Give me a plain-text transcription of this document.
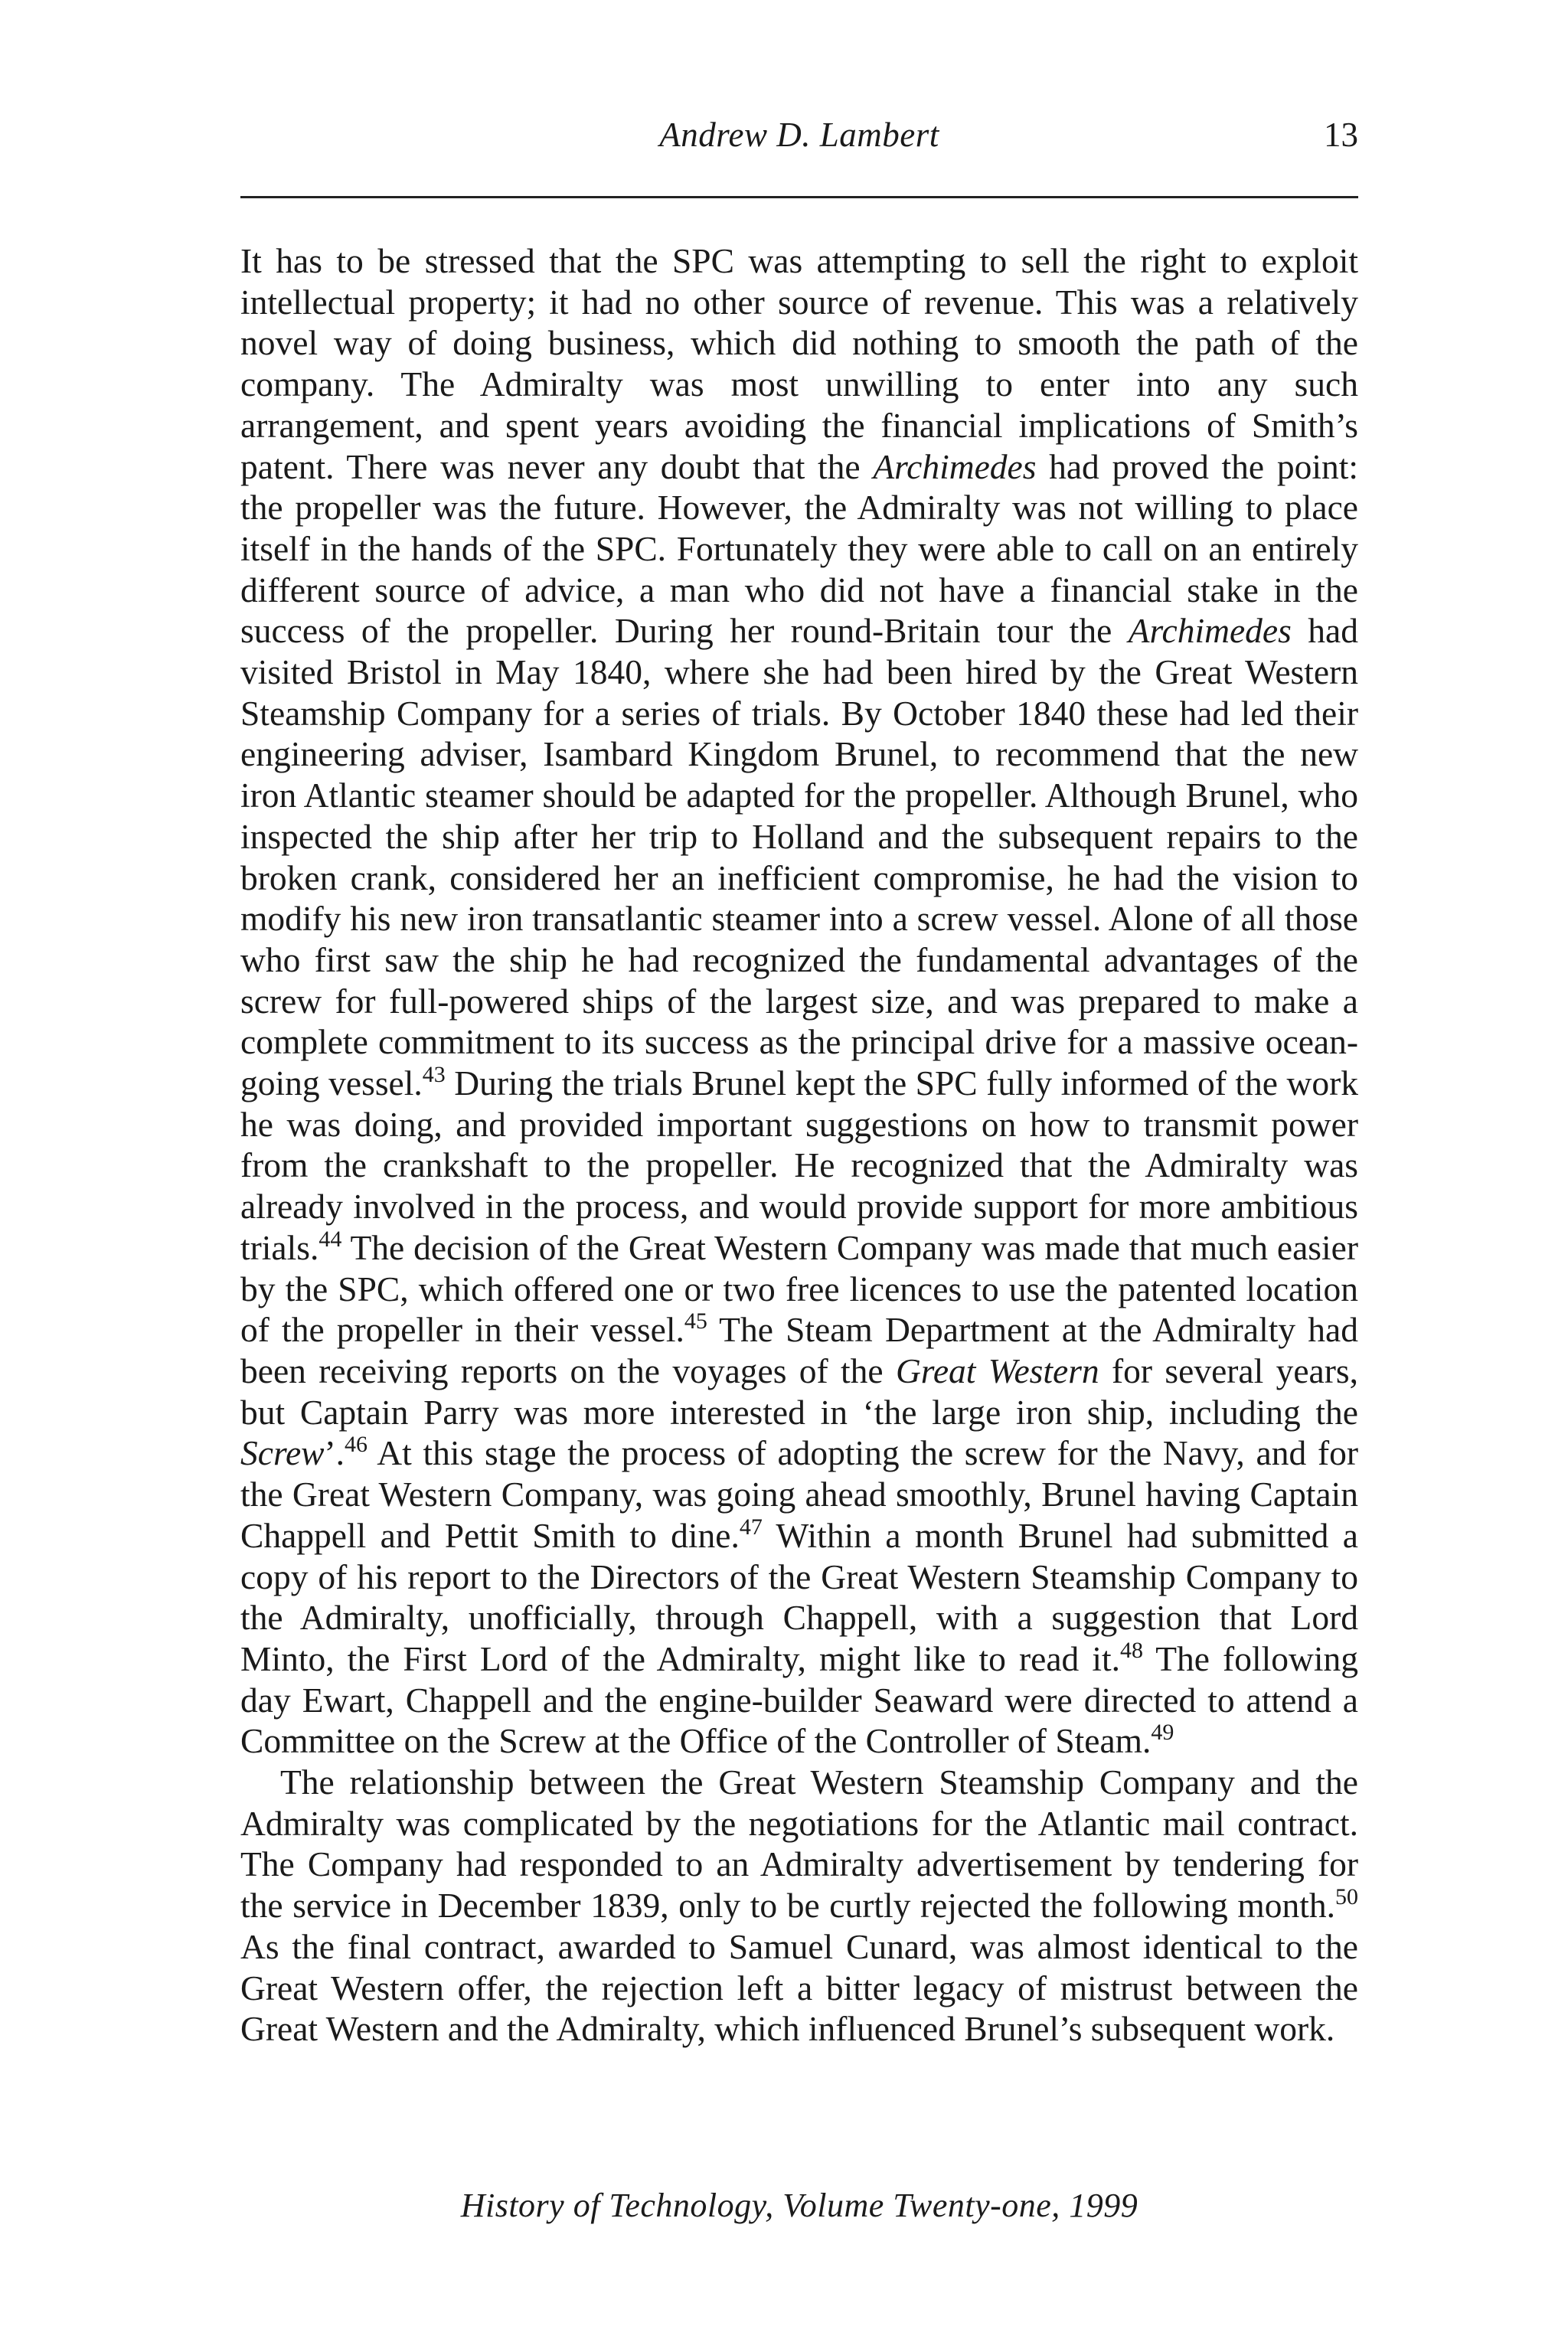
Andrew D. Lambert	13

It has to be stressed that the SPC was attempting to sell the right to exploit intellectual property; it had no other source of revenue. This was a relatively novel way of doing business, which did nothing to smooth the path of the company. The Admiralty was most unwilling to enter into any such arrangement, and spent years avoiding the financial implications of Smith’s patent. There was never any doubt that the Archimedes had proved the point: the propeller was the future. However, the Admiralty was not willing to place itself in the hands of the SPC. Fortunately they were able to call on an entirely different source of advice, a man who did not have a financial stake in the success of the propeller. During her round-Britain tour the Archimedes had visited Bristol in May 1840, where she had been hired by the Great Western Steamship Company for a series of trials. By October 1840 these had led their engineering adviser, Isambard Kingdom Brunel, to recommend that the new iron Atlantic steamer should be adapted for the propeller. Although Brunel, who inspected the ship after her trip to Holland and the subsequent repairs to the broken crank, considered her an inefficient compromise, he had the vision to modify his new iron transatlantic steamer into a screw vessel. Alone of all those who first saw the ship he had recognized the fundamental advantages of the screw for full-powered ships of the largest size, and was prepared to make a complete commitment to its success as the principal drive for a massive ocean-going vessel.$^{43}$ During the trials Brunel kept the SPC fully informed of the work he was doing, and provided important suggestions on how to transmit power from the crankshaft to the propeller. He recognized that the Admiralty was already involved in the process, and would provide support for more ambitious trials.$^{44}$ The decision of the Great Western Company was made that much easier by the SPC, which offered one or two free licences to use the patented location of the propeller in their vessel.$^{45}$ The Steam Department at the Admiralty had been receiving reports on the voyages of the Great Western for several years, but Captain Parry was more interested in ‘the large iron ship, including the Screw’.$^{46}$ At this stage the process of adopting the screw for the Navy, and for the Great Western Company, was going ahead smoothly, Brunel having Captain Chappell and Pettit Smith to dine.$^{47}$ Within a month Brunel had submitted a copy of his report to the Directors of the Great Western Steamship Company to the Admiralty, unofficially, through Chappell, with a suggestion that Lord Minto, the First Lord of the Admiralty, might like to read it.$^{48}$ The following day Ewart, Chappell and the engine-builder Seaward were directed to attend a Committee on the Screw at the Office of the Controller of Steam.$^{49}$

The relationship between the Great Western Steamship Company and the Admiralty was complicated by the negotiations for the Atlantic mail contract. The Company had responded to an Admiralty advertisement by tendering for the service in December 1839, only to be curtly rejected the following month.$^{50}$ As the final contract, awarded to Samuel Cunard, was almost identical to the Great Western offer, the rejection left a bitter legacy of mistrust between the Great Western and the Admiralty, which influenced Brunel’s subsequent work.

History of Technology, Volume Twenty-one, 1999
